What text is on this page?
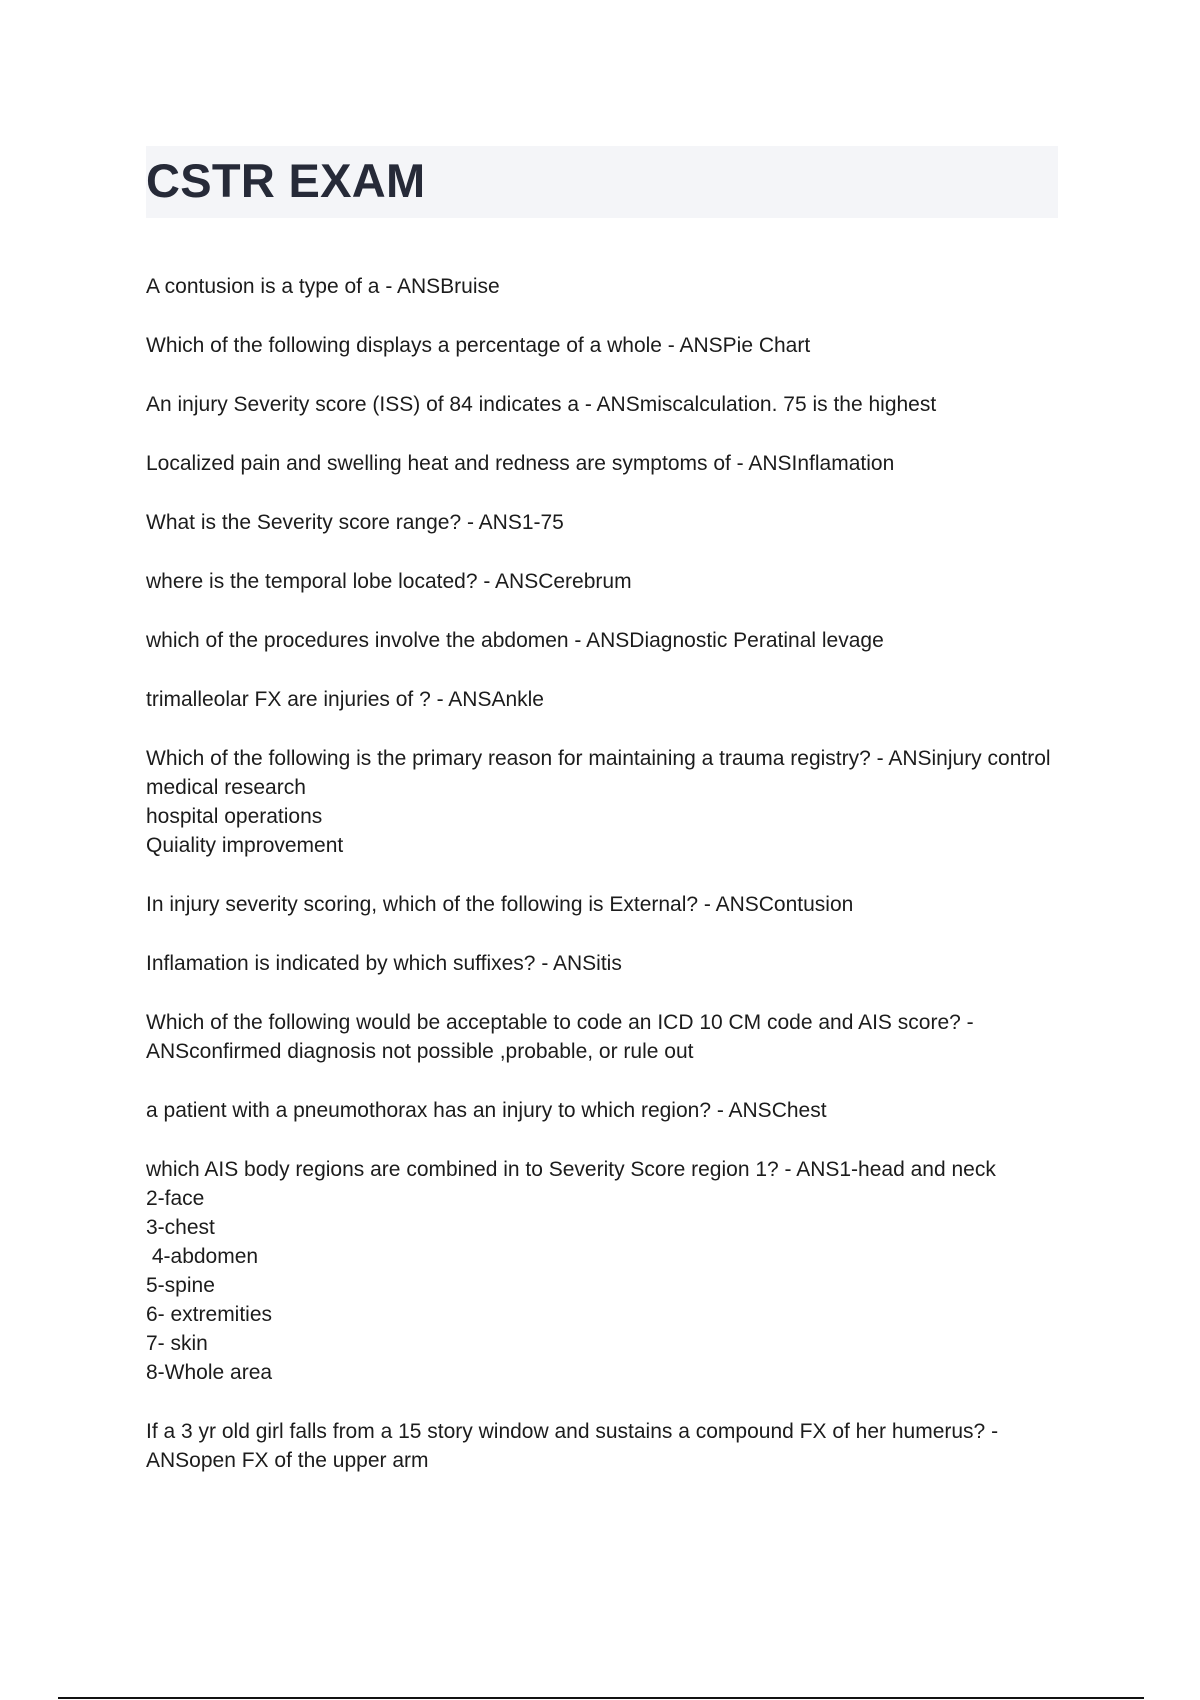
CSTR EXAM

A contusion is a type of a - ANSBruise

Which of the following displays a percentage of a whole - ANSPie Chart

An injury Severity score (ISS) of 84 indicates a - ANSmiscalculation. 75 is the highest

Localized pain and swelling heat and redness are symptoms of - ANSInflamation

What is the Severity score range? - ANS1-75

where is the temporal lobe located? - ANSCerebrum

which of the procedures involve the abdomen - ANSDiagnostic Peratinal levage

trimalleolar FX are injuries of ? - ANSAnkle

Which of the following is the primary reason for maintaining a trauma registry? - ANSinjury control
medical research
hospital operations
Quiality improvement

In injury severity scoring, which of the following is External? - ANSContusion

Inflamation is indicated by which suffixes? - ANSitis

Which of the following would be acceptable to code an ICD 10 CM code and AIS score? - ANSconfirmed diagnosis not possible ,probable, or rule out

a patient with a pneumothorax has an injury to which region? - ANSChest

which AIS body regions are combined in to Severity Score region 1? - ANS1-head and neck
2-face
3-chest
4-abdomen
5-spine
6- extremities
7- skin
8-Whole area

If a 3 yr old girl falls from a 15 story window and sustains a compound FX of her humerus? - ANSopen FX of the upper arm
